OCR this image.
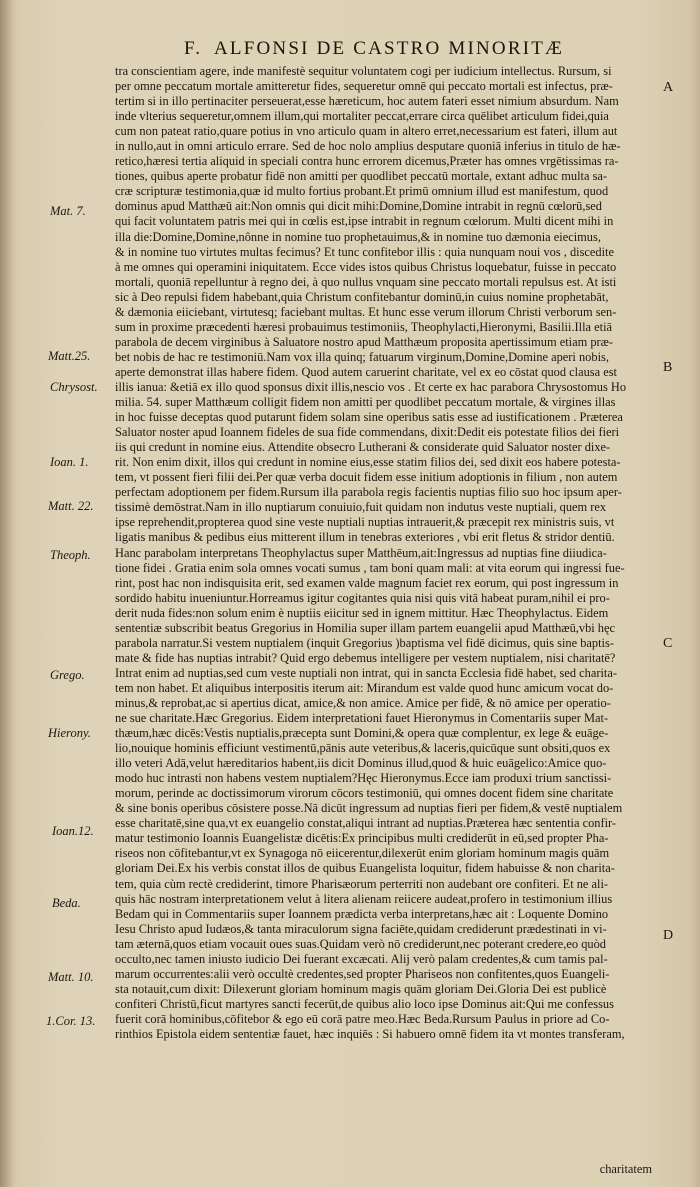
F. ALFONSI DE CASTRO MINORITÆ
tra conscientiam agere, inde manifestè sequitur voluntatem cogi per iudicium intellectus. Rursum, si
per omne peccatum mortale amitteretur fides, sequeretur omnē qui peccato mortali est infectus, præ-
tertim si in illo pertinaciter perseuerat,esse hæreticum, hoc autem fateri esset nimium absurdum. Nam
inde vlterius sequeretur,omnem illum,qui mortaliter peccat,errare circa quēlibet articulum fidei,quia
cum non pateat ratio,quare potius in vno articulo quam in altero erret,necessarium est fateri, illum aut
in nullo,aut in omni articulo errare. Sed de hoc nolo amplius desputare quoniā inferius in titulo de hæ-
retico,hæresi tertia aliquid in speciali contra hunc errorem dicemus,Præter has omnes vrgētissimas ra-
tiones, quibus aperte probatur fidē non amitti per quodlibet peccatū mortale, extant adhuc multa sa-
cræ scripturæ testimonia,quæ id multo fortius probant.Et primū omnium illud est manifestum, quod
dominus apud Matthæū ait:Non omnis qui dicit mihi:Domine,Domine intrabit in regnū cœlorū,sed
qui facit voluntatem patris mei qui in cœlis est,ipse intrabit in regnum cœlorum. Multi dicent mihi in
illa die:Domine,Domine,nônne in nomine tuo prophetauimus,& in nomine tuo dæmonia eiecimus,
& in nomine tuo virtutes multas fecimus? Et tunc confitebor illis : quia nunquam noui vos , discedite
à me omnes qui operamini iniquitatem. Ecce vides istos quibus Christus loquebatur, fuisse in peccato
mortali, quoniā repelluntur à regno dei, à quo nullus vnquam sine peccato mortali repulsus est. At isti
sic à Deo repulsi fidem habebant,quia Christum confitebantur dominū,in cuius nomine prophetabāt,
& dæmonia eiiciebant, virtutesq; faciebant multas. Et hunc esse verum illorum Christi verborum sen-
sum in proxime præcedenti hæresi probauimus testimoniis, Theophylacti,Hieronymi, Basilii.Illa etiā
parabola de decem virginibus à Saluatore nostro apud Matthæum proposita apertissimum etiam præ-
bet nobis de hac re testimoniū.Nam vox illa quinq; fatuarum virginum,Domine,Domine aperi nobis,
aperte demonstrat illas habere fidem. Quod autem caruerint charitate, vel ex eo cōstat quod clausa est
illis ianua: &etiā ex illo quod sponsus dixit illis,nescio vos . Et certe ex hac parabora Chrysostomus Ho
milia. 54. super Matthæum colligit fidem non amitti per quodlibet peccatum mortale, & virgines illas
in hoc fuisse deceptas quod putarunt fidem solam sine operibus satis esse ad iustificationem . Præterea
Saluator noster apud Ioannem fideles de sua fide commendans, dixit:Dedit eis potestate filios dei fieri
iis qui credunt in nomine eius. Attendite obsecro Lutherani & considerate quid Saluator noster dixe-
rit. Non enim dixit, illos qui credunt in nomine eius,esse statim filios dei, sed dixit eos habere potesta-
tem, vt possent fieri filii dei.Per quæ verba docuit fidem esse initium adoptionis in filium , non autem
perfectam adoptionem per fidem.Rursum illa parabola regis facientis nuptias filio suo hoc ipsum aper-
tissimè demōstrat.Nam in illo nuptiarum conuiuio,fuit quidam non indutus veste nuptiali, quem rex
ipse reprehendit,propterea quod sine veste nuptiali nuptias intrauerit,& præcepit rex ministris suis, vt
ligatis manibus & pedibus eius mitterent illum in tenebras exteriores , vbi erit fletus & stridor dentiū.
Hanc parabolam interpretans Theophylactus super Matthēum,ait:Ingressus ad nuptias fine diiudica-
tione fidei . Gratia enim sola omnes vocati sumus , tam boni quam mali: at vita eorum qui ingressi fue-
rint, post hac non indisquisita erit, sed examen valde magnum faciet rex eorum, qui post ingressum in
sordido habitu inueniuntur.Horreamus igitur cogitantes quia nisi quis vitā habeat puram,nihil ei pro-
derit nuda fides:non solum enim è nuptiis eiicitur sed in ignem mittitur. Hæc Theophylactus. Eidem
sententiæ subscribit beatus Gregorius in Homilia super illam partem euangelii apud Matthæū,vbi hęc
parabola narratur.Si vestem nuptialem (inquit Gregorius )baptisma vel fidē dicimus, quis sine baptis-
mate & fide has nuptias intrabit? Quid ergo debemus intelligere per vestem nuptialem, nisi charitatē?
Intrat enim ad nuptias,sed cum veste nuptiali non intrat, qui in sancta Ecclesia fidē habet, sed charita-
tem non habet. Et aliquibus interpositis iterum ait: Mirandum est valde quod hunc amicum vocat do-
minus,& reprobat,ac si apertius dicat, amice,& non amice. Amice per fidē, & nō amice per operatio-
ne sue charitate.Hæc Gregorius. Eidem interpretationi fauet Hieronymus in Comentariis super Mat-
thæum,hæc dicēs:Vestis nuptialis,præcepta sunt Domini,& opera quæ complentur, ex lege & euāge-
lio,nouique hominis efficiunt vestimentū,pānis aute veteribus,& laceris,quicūque sunt obsiti,quos ex
illo veteri Adā,velut hæreditarios habent,iis dicit Dominus illud,quod & huic euāgelico:Amice quo-
modo huc intrasti non habens vestem nuptialem?Hęc Hieronymus.Ecce iam produxi trium sanctissi-
morum, perinde ac doctissimorum virorum cōcors testimoniū, qui omnes docent fidem sine charitate
& sine bonis operibus cōsistere posse.Nā dicūt ingressum ad nuptias fieri per fidem,& vestē nuptialem
esse charitatē,sine qua,vt ex euangelio constat,aliqui intrant ad nuptias.Præterea hæc sententia confir-
matur testimonio Ioannis Euangelistæ dicētis:Ex principibus multi crediderūt in eū,sed propter Pha-
riseos non cōfitebantur,vt ex Synagoga nō eiicerentur,dilexerūt enim gloriam hominum magis quām
gloriam Dei.Ex his verbis constat illos de quibus Euangelista loquitur, fidem habuisse & non charita-
tem, quia cùm rectè crediderint, timore Pharisæorum perterriti non audebant ore confiteri. Et ne ali-
quis hāc nostram interpretationem velut à litera alienam reiicere audeat,profero in testimonium illius
Bedam qui in Commentariis super Ioannem prædicta verba interpretans,hæc ait : Loquente Domino
Iesu Christo apud Iudæos,& tanta miraculorum signa faciēte,quidam crediderunt prædestinati in vi-
tam æternā,quos etiam vocauit oues suas.Quidam verò nō crediderunt,nec poterant credere,eo quòd
occulto,nec tamen iniusto iudicio Dei fuerant excæcati. Alij verò palam credentes,& cum tamis pal-
marum occurrentes:alii verò occultè credentes,sed propter Phariseos non confitentes,quos Euangeli-
sta notauit,cum dixit: Dilexerunt gloriam hominum magis quām gloriam Dei.Gloria Dei est publicè
confiteri Christū,ficut martyres sancti fecerūt,de quibus alio loco ipse Dominus ait:Qui me confessus
fuerit corā hominibus,cōfitebor & ego eū corā patre meo.Hæc Beda.Rursum Paulus in priore ad Co-
rinthios Epistola eidem sententiæ fauet, hæc inquiēs : Si habuero omnē fidem ita vt montes transferam,
Mat. 7.
Matt.25.
Chrysost.
Ioan. 1.
Matt. 22.
Theoph.
Grego.
Hierony.
Ioan.12.
Beda.
Matt. 10.
1.Cor. 13.
A
B
C
D
charitatem
